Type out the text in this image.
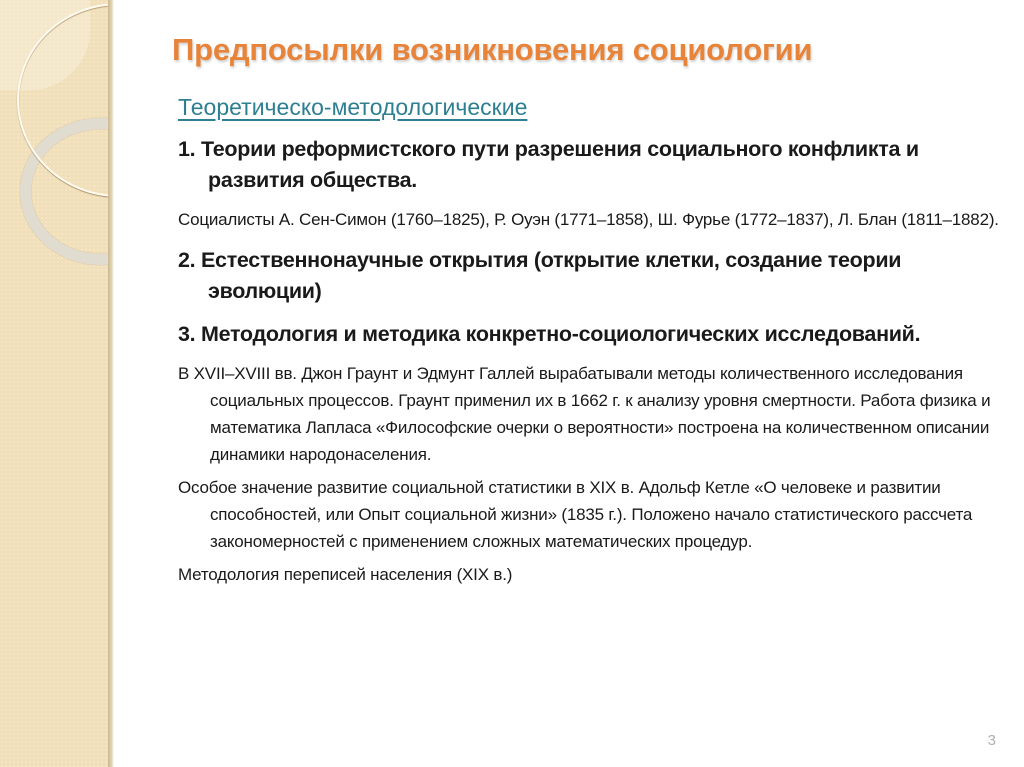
Предпосылки возникновения социологии
Теоретическо-методологические
1. Теории реформистского пути разрешения социального конфликта и развития общества.
Социалисты А. Сен-Симон (1760–1825), Р. Оуэн (1771–1858), Ш. Фурье (1772–1837), Л. Блан (1811–1882).
2. Естественнонаучные открытия (открытие клетки, создание теории эволюции)
3. Методология и методика конкретно-социологических исследований.
В XVII–XVIII вв. Джон Граунт и Эдмунт Галлей вырабатывали методы количественного исследования социальных процессов. Граунт применил их в 1662 г. к анализу уровня смертности. Работа физика и математика Лапласа «Философские очерки о вероятности» построена на количественном описании динамики народонаселения.
Особое значение развитие социальной статистики в XIX в. Адольф Кетле «О человеке и развитии способностей, или Опыт социальной жизни» (1835 г.). Положено начало статистического рассчета закономерностей с применением сложных математических процедур.
Методология переписей населения (XIX в.)
3
